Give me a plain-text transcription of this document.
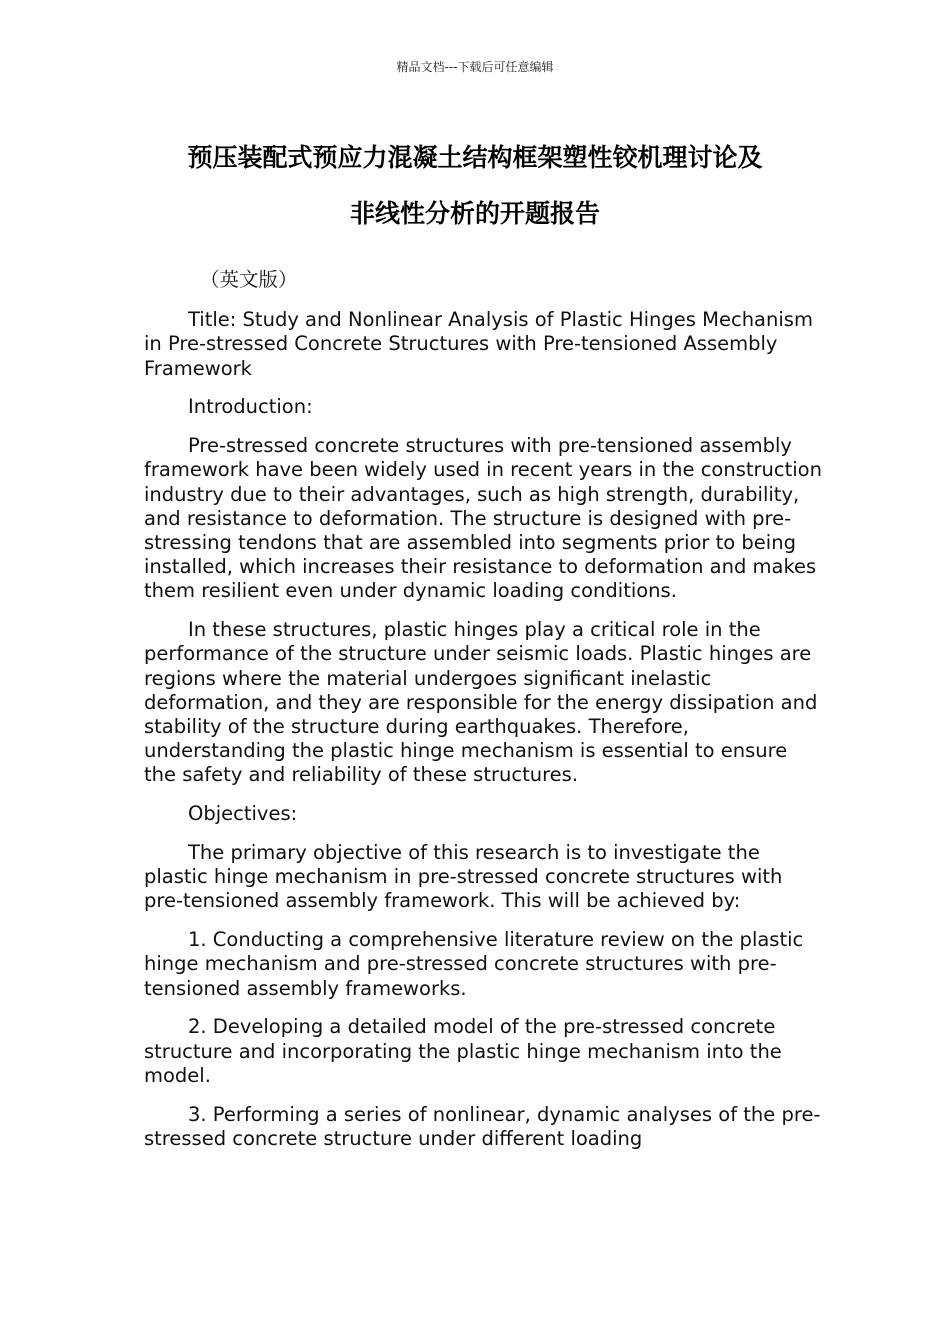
精品文档---下载后可任意编辑
预压装配式预应力混凝土结构框架塑性铰机理讨论及
非线性分析的开题报告

（英文版）

Title: Study and Nonlinear Analysis of Plastic Hinges Mechanism in Pre-stressed Concrete Structures with Pre-tensioned Assembly Framework

Introduction:

Pre-stressed concrete structures with pre-tensioned assembly framework have been widely used in recent years in the construction industry due to their advantages, such as high strength, durability, and resistance to deformation. The structure is designed with pre-stressing tendons that are assembled into segments prior to being installed, which increases their resistance to deformation and makes them resilient even under dynamic loading conditions.

In these structures, plastic hinges play a critical role in the performance of the structure under seismic loads. Plastic hinges are regions where the material undergoes significant inelastic deformation, and they are responsible for the energy dissipation and stability of the structure during earthquakes. Therefore, understanding the plastic hinge mechanism is essential to ensure the safety and reliability of these structures.

Objectives:

The primary objective of this research is to investigate the plastic hinge mechanism in pre-stressed concrete structures with pre-tensioned assembly framework. This will be achieved by:

1. Conducting a comprehensive literature review on the plastic hinge mechanism and pre-stressed concrete structures with pre-tensioned assembly frameworks.

2. Developing a detailed model of the pre-stressed concrete structure and incorporating the plastic hinge mechanism into the model.

3. Performing a series of nonlinear, dynamic analyses of the pre-stressed concrete structure under different loading
